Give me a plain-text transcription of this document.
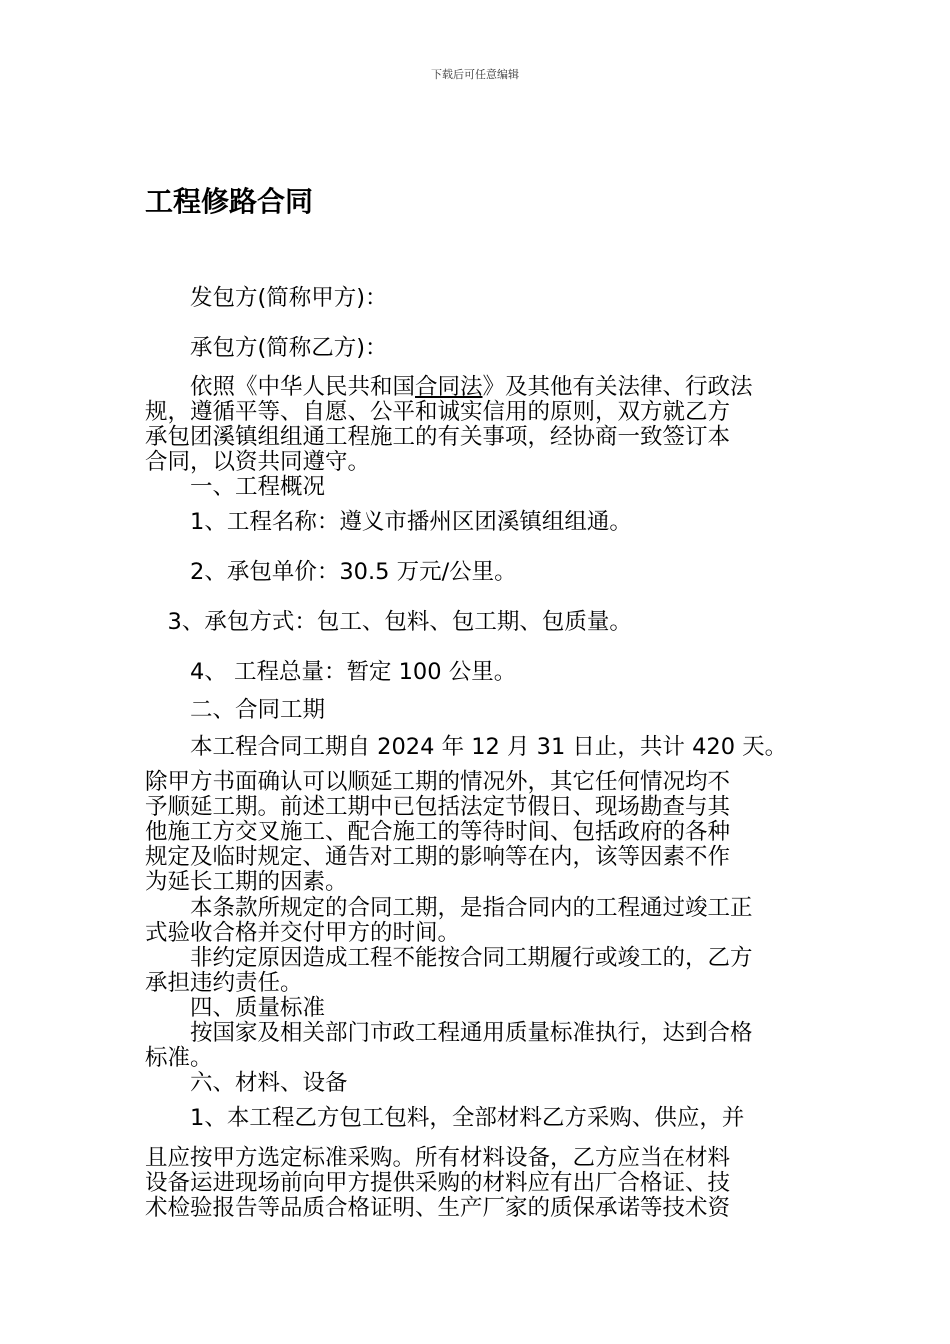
下载后可任意编辑
工程修路合同
　　发包方(简称甲方)：
　　承包方(简称乙方)：
　　依照《中华人民共和国合同法》及其他有关法律、行政法
规，遵循平等、自愿、公平和诚实信用的原则，双方就乙方
承包团溪镇组组通工程施工的有关事项，经协商一致签订本
合同，以资共同遵守。
　　一、工程概况
　　1、工程名称：遵义市播州区团溪镇组组通。
　　2、承包单价：30.5 万元/公里。
　3、承包方式：包工、包料、包工期、包质量。
　　4、 工程总量：暂定 100 公里。
　　二、合同工期
　　本工程合同工期自 2024 年 12 月 31 日止，共计 420 天。
除甲方书面确认可以顺延工期的情况外，其它任何情况均不
予顺延工期。前述工期中已包括法定节假日、现场勘查与其
他施工方交叉施工、配合施工的等待时间、包括政府的各种
规定及临时规定、通告对工期的影响等在内，该等因素不作
为延长工期的因素。
　　本条款所规定的合同工期，是指合同内的工程通过竣工正
式验收合格并交付甲方的时间。
　　非约定原因造成工程不能按合同工期履行或竣工的，乙方
承担违约责任。
　　四、质量标准
　　按国家及相关部门市政工程通用质量标准执行，达到合格
标准。
　　六、材料、设备
　　1、本工程乙方包工包料，全部材料乙方采购、供应，并
且应按甲方选定标准采购。所有材料设备，乙方应当在材料
设备运进现场前向甲方提供采购的材料应有出厂合格证、技
术检验报告等品质合格证明、生产厂家的质保承诺等技术资
